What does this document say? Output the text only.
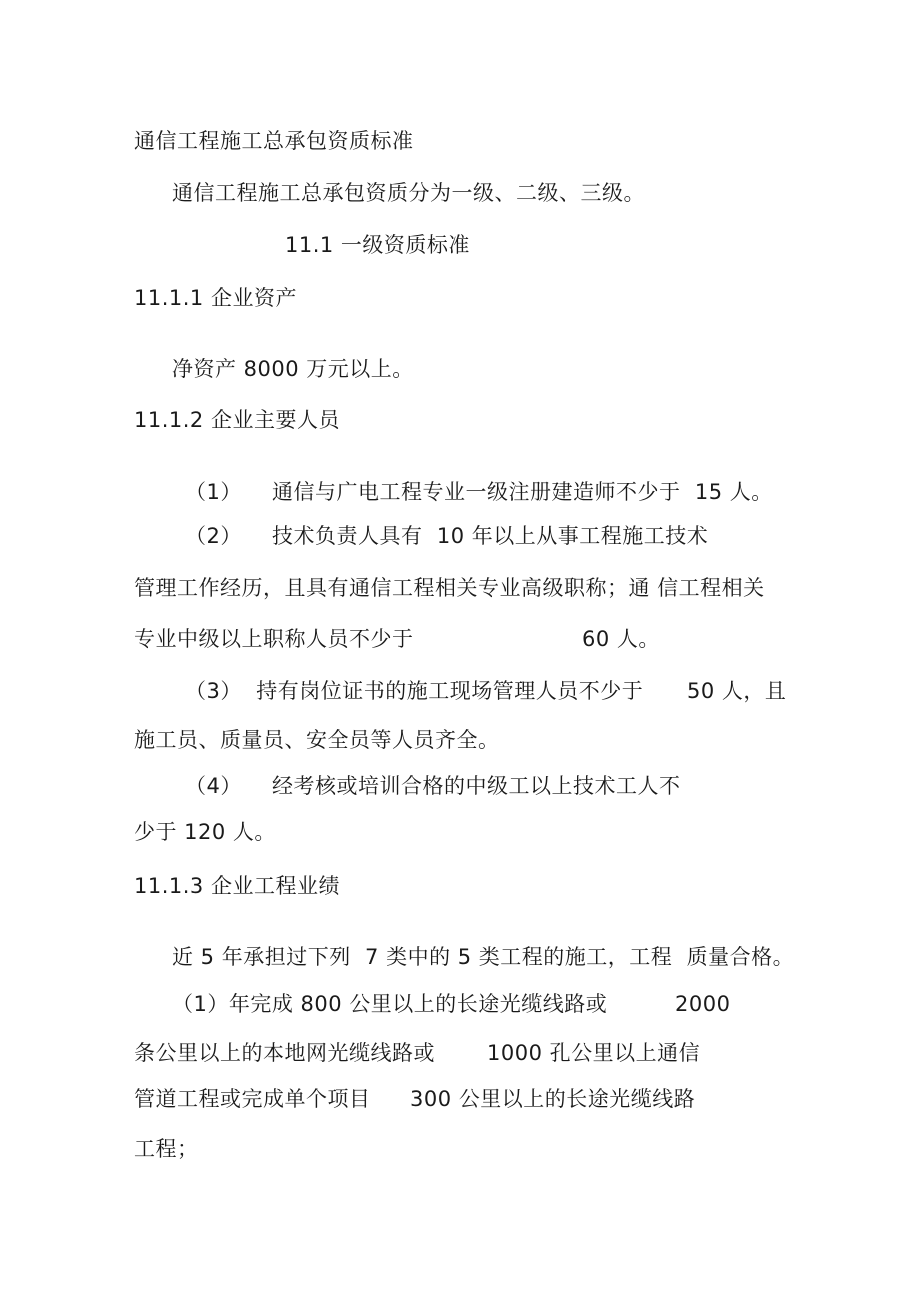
通信工程施工总承包资质标准
通信工程施工总承包资质分为一级、二级、三级。
11.1 一级资质标准
11.1.1 企业资产
净资产 8000 万元以上。
11.1.2 企业主要人员
（1） 通信与广电工程专业一级注册建造师不少于  15 人。
（2） 技术负责人具有  10 年以上从事工程施工技术
管理工作经历，且具有通信工程相关专业高级职称；通 信工程相关
专业中级以上职称人员不少于	60 人。
（3）  持有岗位证书的施工现场管理人员不少于 50 人，且
施工员、质量员、安全员等人员齐全。
（4） 经考核或培训合格的中级工以上技术工人不
少于 120 人。
11.1.3 企业工程业绩
近 5 年承担过下列  7 类中的 5 类工程的施工，工程  质量合格。
（1）年完成 800 公里以上的长途光缆线路或	2000
条公里以上的本地网光缆线路或 1000 孔公里以上通信
管道工程或完成单个项目 300 公里以上的长途光缆线路
工程；
